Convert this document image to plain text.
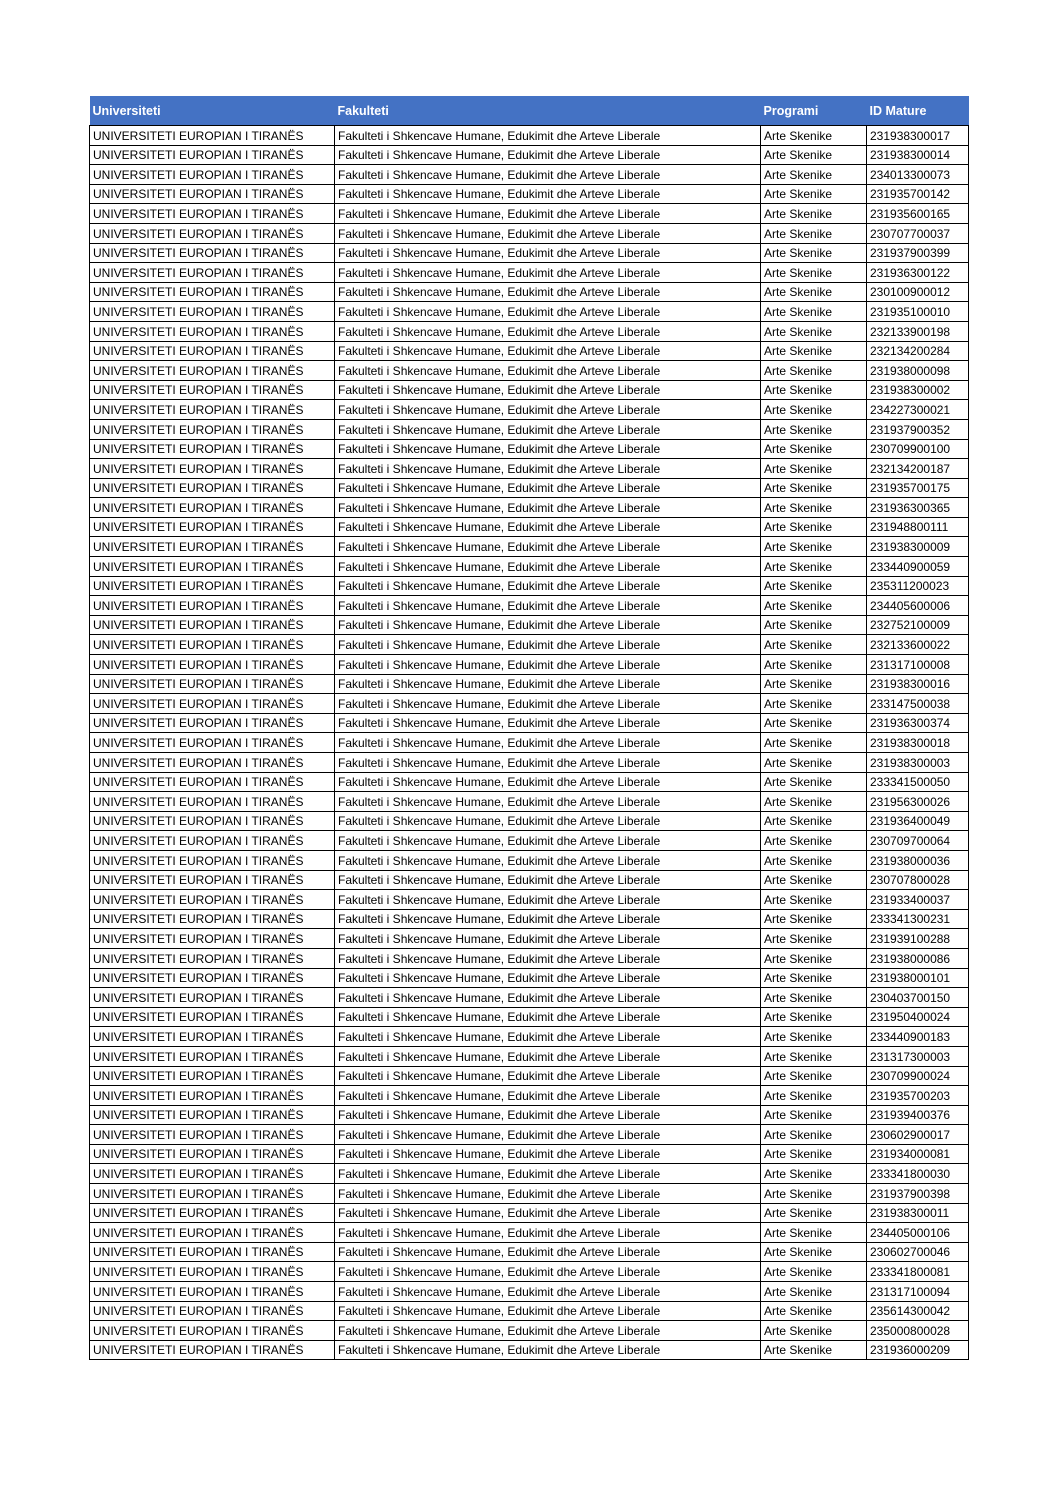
Universiteti	Fakulteti	Programi	ID Mature
UNIVERSITETI EUROPIAN I TIRANËS	Fakulteti i Shkencave Humane, Edukimit dhe Arteve Liberale	Arte Skenike	231938300017
UNIVERSITETI EUROPIAN I TIRANËS	Fakulteti i Shkencave Humane, Edukimit dhe Arteve Liberale	Arte Skenike	231938300014
UNIVERSITETI EUROPIAN I TIRANËS	Fakulteti i Shkencave Humane, Edukimit dhe Arteve Liberale	Arte Skenike	234013300073
UNIVERSITETI EUROPIAN I TIRANËS	Fakulteti i Shkencave Humane, Edukimit dhe Arteve Liberale	Arte Skenike	231935700142
UNIVERSITETI EUROPIAN I TIRANËS	Fakulteti i Shkencave Humane, Edukimit dhe Arteve Liberale	Arte Skenike	231935600165
UNIVERSITETI EUROPIAN I TIRANËS	Fakulteti i Shkencave Humane, Edukimit dhe Arteve Liberale	Arte Skenike	230707700037
UNIVERSITETI EUROPIAN I TIRANËS	Fakulteti i Shkencave Humane, Edukimit dhe Arteve Liberale	Arte Skenike	231937900399
UNIVERSITETI EUROPIAN I TIRANËS	Fakulteti i Shkencave Humane, Edukimit dhe Arteve Liberale	Arte Skenike	231936300122
UNIVERSITETI EUROPIAN I TIRANËS	Fakulteti i Shkencave Humane, Edukimit dhe Arteve Liberale	Arte Skenike	230100900012
UNIVERSITETI EUROPIAN I TIRANËS	Fakulteti i Shkencave Humane, Edukimit dhe Arteve Liberale	Arte Skenike	231935100010
UNIVERSITETI EUROPIAN I TIRANËS	Fakulteti i Shkencave Humane, Edukimit dhe Arteve Liberale	Arte Skenike	232133900198
UNIVERSITETI EUROPIAN I TIRANËS	Fakulteti i Shkencave Humane, Edukimit dhe Arteve Liberale	Arte Skenike	232134200284
UNIVERSITETI EUROPIAN I TIRANËS	Fakulteti i Shkencave Humane, Edukimit dhe Arteve Liberale	Arte Skenike	231938000098
UNIVERSITETI EUROPIAN I TIRANËS	Fakulteti i Shkencave Humane, Edukimit dhe Arteve Liberale	Arte Skenike	231938300002
UNIVERSITETI EUROPIAN I TIRANËS	Fakulteti i Shkencave Humane, Edukimit dhe Arteve Liberale	Arte Skenike	234227300021
UNIVERSITETI EUROPIAN I TIRANËS	Fakulteti i Shkencave Humane, Edukimit dhe Arteve Liberale	Arte Skenike	231937900352
UNIVERSITETI EUROPIAN I TIRANËS	Fakulteti i Shkencave Humane, Edukimit dhe Arteve Liberale	Arte Skenike	230709900100
UNIVERSITETI EUROPIAN I TIRANËS	Fakulteti i Shkencave Humane, Edukimit dhe Arteve Liberale	Arte Skenike	232134200187
UNIVERSITETI EUROPIAN I TIRANËS	Fakulteti i Shkencave Humane, Edukimit dhe Arteve Liberale	Arte Skenike	231935700175
UNIVERSITETI EUROPIAN I TIRANËS	Fakulteti i Shkencave Humane, Edukimit dhe Arteve Liberale	Arte Skenike	231936300365
UNIVERSITETI EUROPIAN I TIRANËS	Fakulteti i Shkencave Humane, Edukimit dhe Arteve Liberale	Arte Skenike	231948800111
UNIVERSITETI EUROPIAN I TIRANËS	Fakulteti i Shkencave Humane, Edukimit dhe Arteve Liberale	Arte Skenike	231938300009
UNIVERSITETI EUROPIAN I TIRANËS	Fakulteti i Shkencave Humane, Edukimit dhe Arteve Liberale	Arte Skenike	233440900059
UNIVERSITETI EUROPIAN I TIRANËS	Fakulteti i Shkencave Humane, Edukimit dhe Arteve Liberale	Arte Skenike	235311200023
UNIVERSITETI EUROPIAN I TIRANËS	Fakulteti i Shkencave Humane, Edukimit dhe Arteve Liberale	Arte Skenike	234405600006
UNIVERSITETI EUROPIAN I TIRANËS	Fakulteti i Shkencave Humane, Edukimit dhe Arteve Liberale	Arte Skenike	232752100009
UNIVERSITETI EUROPIAN I TIRANËS	Fakulteti i Shkencave Humane, Edukimit dhe Arteve Liberale	Arte Skenike	232133600022
UNIVERSITETI EUROPIAN I TIRANËS	Fakulteti i Shkencave Humane, Edukimit dhe Arteve Liberale	Arte Skenike	231317100008
UNIVERSITETI EUROPIAN I TIRANËS	Fakulteti i Shkencave Humane, Edukimit dhe Arteve Liberale	Arte Skenike	231938300016
UNIVERSITETI EUROPIAN I TIRANËS	Fakulteti i Shkencave Humane, Edukimit dhe Arteve Liberale	Arte Skenike	233147500038
UNIVERSITETI EUROPIAN I TIRANËS	Fakulteti i Shkencave Humane, Edukimit dhe Arteve Liberale	Arte Skenike	231936300374
UNIVERSITETI EUROPIAN I TIRANËS	Fakulteti i Shkencave Humane, Edukimit dhe Arteve Liberale	Arte Skenike	231938300018
UNIVERSITETI EUROPIAN I TIRANËS	Fakulteti i Shkencave Humane, Edukimit dhe Arteve Liberale	Arte Skenike	231938300003
UNIVERSITETI EUROPIAN I TIRANËS	Fakulteti i Shkencave Humane, Edukimit dhe Arteve Liberale	Arte Skenike	233341500050
UNIVERSITETI EUROPIAN I TIRANËS	Fakulteti i Shkencave Humane, Edukimit dhe Arteve Liberale	Arte Skenike	231956300026
UNIVERSITETI EUROPIAN I TIRANËS	Fakulteti i Shkencave Humane, Edukimit dhe Arteve Liberale	Arte Skenike	231936400049
UNIVERSITETI EUROPIAN I TIRANËS	Fakulteti i Shkencave Humane, Edukimit dhe Arteve Liberale	Arte Skenike	230709700064
UNIVERSITETI EUROPIAN I TIRANËS	Fakulteti i Shkencave Humane, Edukimit dhe Arteve Liberale	Arte Skenike	231938000036
UNIVERSITETI EUROPIAN I TIRANËS	Fakulteti i Shkencave Humane, Edukimit dhe Arteve Liberale	Arte Skenike	230707800028
UNIVERSITETI EUROPIAN I TIRANËS	Fakulteti i Shkencave Humane, Edukimit dhe Arteve Liberale	Arte Skenike	231933400037
UNIVERSITETI EUROPIAN I TIRANËS	Fakulteti i Shkencave Humane, Edukimit dhe Arteve Liberale	Arte Skenike	233341300231
UNIVERSITETI EUROPIAN I TIRANËS	Fakulteti i Shkencave Humane, Edukimit dhe Arteve Liberale	Arte Skenike	231939100288
UNIVERSITETI EUROPIAN I TIRANËS	Fakulteti i Shkencave Humane, Edukimit dhe Arteve Liberale	Arte Skenike	231938000086
UNIVERSITETI EUROPIAN I TIRANËS	Fakulteti i Shkencave Humane, Edukimit dhe Arteve Liberale	Arte Skenike	231938000101
UNIVERSITETI EUROPIAN I TIRANËS	Fakulteti i Shkencave Humane, Edukimit dhe Arteve Liberale	Arte Skenike	230403700150
UNIVERSITETI EUROPIAN I TIRANËS	Fakulteti i Shkencave Humane, Edukimit dhe Arteve Liberale	Arte Skenike	231950400024
UNIVERSITETI EUROPIAN I TIRANËS	Fakulteti i Shkencave Humane, Edukimit dhe Arteve Liberale	Arte Skenike	233440900183
UNIVERSITETI EUROPIAN I TIRANËS	Fakulteti i Shkencave Humane, Edukimit dhe Arteve Liberale	Arte Skenike	231317300003
UNIVERSITETI EUROPIAN I TIRANËS	Fakulteti i Shkencave Humane, Edukimit dhe Arteve Liberale	Arte Skenike	230709900024
UNIVERSITETI EUROPIAN I TIRANËS	Fakulteti i Shkencave Humane, Edukimit dhe Arteve Liberale	Arte Skenike	231935700203
UNIVERSITETI EUROPIAN I TIRANËS	Fakulteti i Shkencave Humane, Edukimit dhe Arteve Liberale	Arte Skenike	231939400376
UNIVERSITETI EUROPIAN I TIRANËS	Fakulteti i Shkencave Humane, Edukimit dhe Arteve Liberale	Arte Skenike	230602900017
UNIVERSITETI EUROPIAN I TIRANËS	Fakulteti i Shkencave Humane, Edukimit dhe Arteve Liberale	Arte Skenike	231934000081
UNIVERSITETI EUROPIAN I TIRANËS	Fakulteti i Shkencave Humane, Edukimit dhe Arteve Liberale	Arte Skenike	233341800030
UNIVERSITETI EUROPIAN I TIRANËS	Fakulteti i Shkencave Humane, Edukimit dhe Arteve Liberale	Arte Skenike	231937900398
UNIVERSITETI EUROPIAN I TIRANËS	Fakulteti i Shkencave Humane, Edukimit dhe Arteve Liberale	Arte Skenike	231938300011
UNIVERSITETI EUROPIAN I TIRANËS	Fakulteti i Shkencave Humane, Edukimit dhe Arteve Liberale	Arte Skenike	234405000106
UNIVERSITETI EUROPIAN I TIRANËS	Fakulteti i Shkencave Humane, Edukimit dhe Arteve Liberale	Arte Skenike	230602700046
UNIVERSITETI EUROPIAN I TIRANËS	Fakulteti i Shkencave Humane, Edukimit dhe Arteve Liberale	Arte Skenike	233341800081
UNIVERSITETI EUROPIAN I TIRANËS	Fakulteti i Shkencave Humane, Edukimit dhe Arteve Liberale	Arte Skenike	231317100094
UNIVERSITETI EUROPIAN I TIRANËS	Fakulteti i Shkencave Humane, Edukimit dhe Arteve Liberale	Arte Skenike	235614300042
UNIVERSITETI EUROPIAN I TIRANËS	Fakulteti i Shkencave Humane, Edukimit dhe Arteve Liberale	Arte Skenike	235000800028
UNIVERSITETI EUROPIAN I TIRANËS	Fakulteti i Shkencave Humane, Edukimit dhe Arteve Liberale	Arte Skenike	231936000209
